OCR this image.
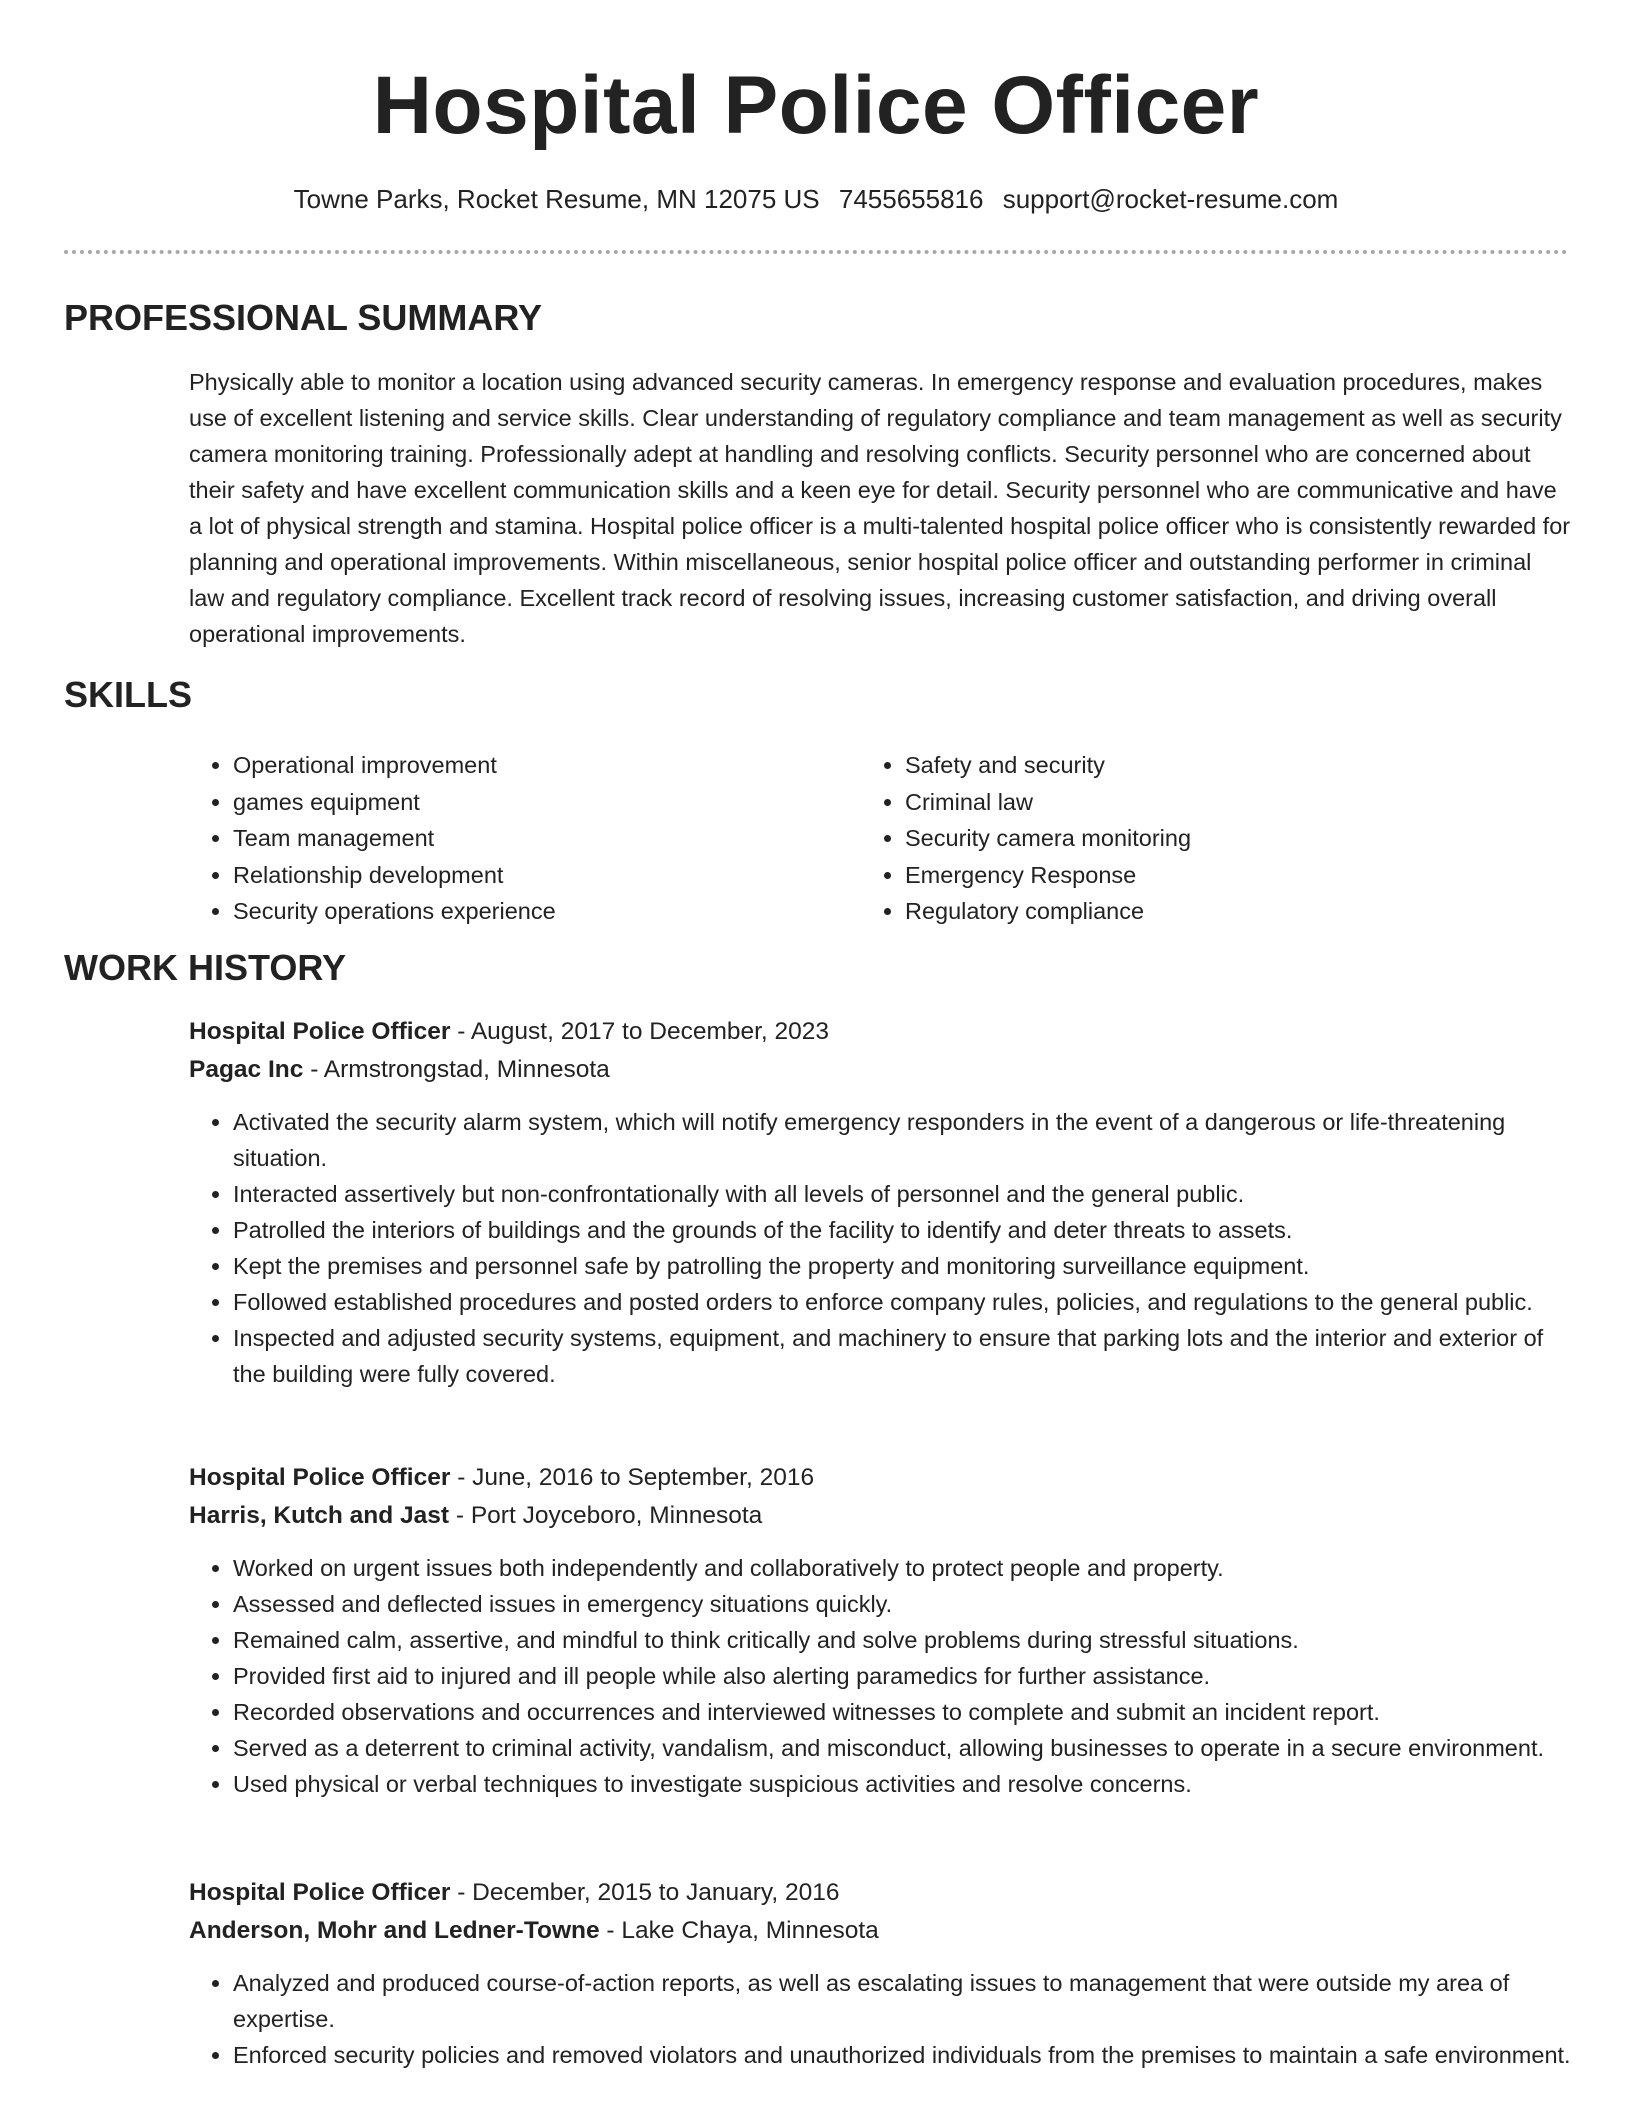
Hospital Police Officer
Towne Parks, Rocket Resume, MN 12075 US 7455655816 support@rocket-resume.com
PROFESSIONAL SUMMARY

Physically able to monitor a location using advanced security cameras. In emergency response and evaluation procedures, makes use of excellent listening and service skills. Clear understanding of regulatory compliance and team management as well as security camera monitoring training. Professionally adept at handling and resolving conflicts. Security personnel who are concerned about their safety and have excellent communication skills and a keen eye for detail. Security personnel who are communicative and have a lot of physical strength and stamina. Hospital police officer is a multi-talented hospital police officer who is consistently rewarded for planning and operational improvements. Within miscellaneous, senior hospital police officer and outstanding performer in criminal law and regulatory compliance. Excellent track record of resolving issues, increasing customer satisfaction, and driving overall operational improvements.

SKILLS
• Operational improvement
• games equipment
• Team management
• Relationship development
• Security operations experience
• Safety and security
• Criminal law
• Security camera monitoring
• Emergency Response
• Regulatory compliance
WORK HISTORY
Hospital Police Officer - August, 2017 to December, 2023
Pagac Inc - Armstrongstad, Minnesota
• Activated the security alarm system, which will notify emergency responders in the event of a dangerous or life-threatening situation.
• Interacted assertively but non-confrontationally with all levels of personnel and the general public.
• Patrolled the interiors of buildings and the grounds of the facility to identify and deter threats to assets.
• Kept the premises and personnel safe by patrolling the property and monitoring surveillance equipment.
• Followed established procedures and posted orders to enforce company rules, policies, and regulations to the general public.
• Inspected and adjusted security systems, equipment, and machinery to ensure that parking lots and the interior and exterior of the building were fully covered.
Hospital Police Officer - June, 2016 to September, 2016
Harris, Kutch and Jast - Port Joyceboro, Minnesota
• Worked on urgent issues both independently and collaboratively to protect people and property.
• Assessed and deflected issues in emergency situations quickly.
• Remained calm, assertive, and mindful to think critically and solve problems during stressful situations.
• Provided first aid to injured and ill people while also alerting paramedics for further assistance.
• Recorded observations and occurrences and interviewed witnesses to complete and submit an incident report.
• Served as a deterrent to criminal activity, vandalism, and misconduct, allowing businesses to operate in a secure environment.
• Used physical or verbal techniques to investigate suspicious activities and resolve concerns.
Hospital Police Officer - December, 2015 to January, 2016
Anderson, Mohr and Ledner-Towne - Lake Chaya, Minnesota
• Analyzed and produced course-of-action reports, as well as escalating issues to management that were outside my area of expertise.
• Enforced security policies and removed violators and unauthorized individuals from the premises to maintain a safe environment.
